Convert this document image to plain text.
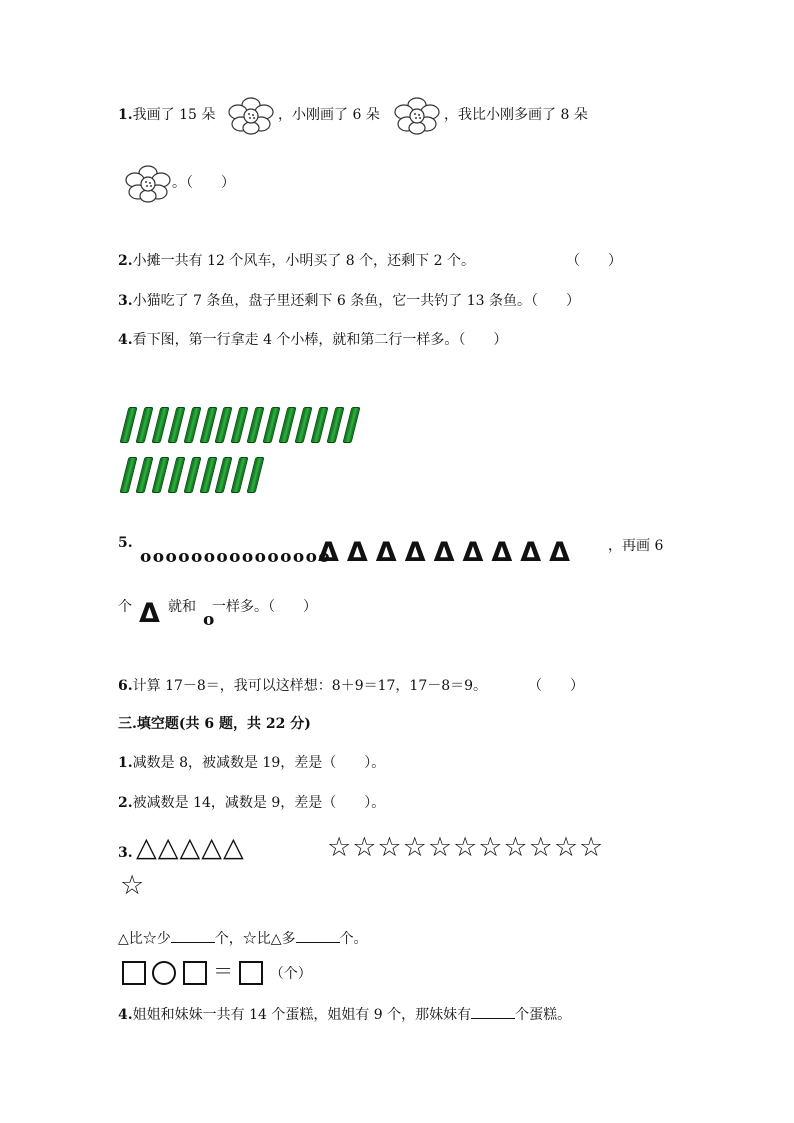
1.我画了 15 朵	，小刚画了 6 朵	，我比小刚多画了 8 朵
。（　　）
2.小摊一共有 12 个风车，小明买了 8 个，还剩下 2 个。	（　　）
3.小猫吃了 7 条鱼，盘子里还剩下 6 条鱼，它一共钓了 13 条鱼。（　　）
4.看下图，第一行拿走 4 个小棒，就和第二行一样多。（　　）
5.
ooooooooooooooo
ΔΔΔΔΔΔΔΔΔ ，再画 6
个 Δ 就和
o
一样多。（　　）
6.计算 17－8＝，我可以这样想：8＋9＝17，17－8＝9。	（　　）
三.填空题(共 6 题，共 22 分)
1.减数是 8，被减数是 19，差是（　　）。
2.被减数是 14，减数是 9，差是（　　）。
3. △△△△△	☆☆☆☆☆☆☆☆☆☆☆
☆
△比☆少	个，☆比△多	个。
＝	（个）
4.姐姐和妹妹一共有 14 个蛋糕，姐姐有 9 个，那妹妹有	个蛋糕。
